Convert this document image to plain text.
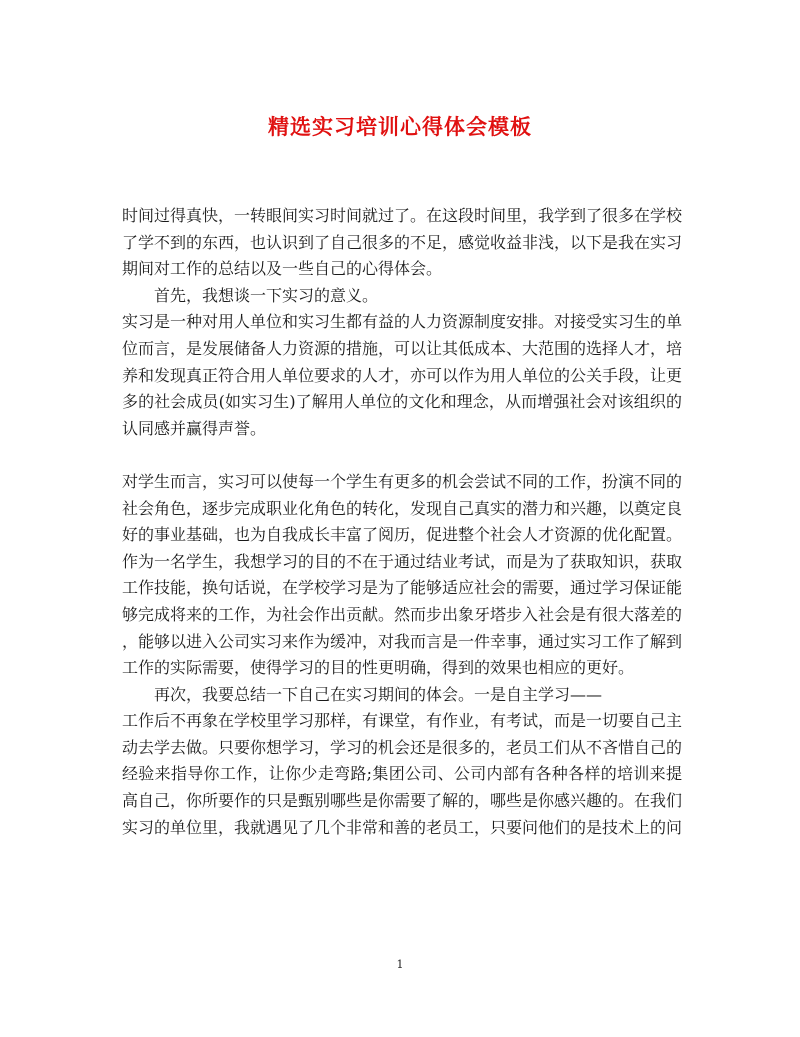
精选实习培训心得体会模板
时间过得真快，一转眼间实习时间就过了。在这段时间里，我学到了很多在学校
了学不到的东西，也认识到了自己很多的不足，感觉收益非浅，以下是我在实习
期间对工作的总结以及一些自己的心得体会。
首先，我想谈一下实习的意义。
实习是一种对用人单位和实习生都有益的人力资源制度安排。对接受实习生的单
位而言，是发展储备人力资源的措施，可以让其低成本、大范围的选择人才，培
养和发现真正符合用人单位要求的人才，亦可以作为用人单位的公关手段，让更
多的社会成员(如实习生)了解用人单位的文化和理念，从而增强社会对该组织的
认同感并赢得声誉。
对学生而言，实习可以使每一个学生有更多的机会尝试不同的工作，扮演不同的
社会角色，逐步完成职业化角色的转化，发现自己真实的潜力和兴趣，以奠定良
好的事业基础，也为自我成长丰富了阅历，促进整个社会人才资源的优化配置。
作为一名学生，我想学习的目的不在于通过结业考试，而是为了获取知识，获取
工作技能，换句话说，在学校学习是为了能够适应社会的需要，通过学习保证能
够完成将来的工作，为社会作出贡献。然而步出象牙塔步入社会是有很大落差的
，能够以进入公司实习来作为缓冲，对我而言是一件幸事，通过实习工作了解到
工作的实际需要，使得学习的目的性更明确，得到的效果也相应的更好。
再次，我要总结一下自己在实习期间的体会。一是自主学习——
工作后不再象在学校里学习那样，有课堂，有作业，有考试，而是一切要自己主
动去学去做。只要你想学习，学习的机会还是很多的，老员工们从不吝惜自己的
经验来指导你工作，让你少走弯路;集团公司、公司内部有各种各样的培训来提
高自己，你所要作的只是甄别哪些是你需要了解的，哪些是你感兴趣的。在我们
实习的单位里，我就遇见了几个非常和善的老员工，只要问他们的是技术上的问
1
